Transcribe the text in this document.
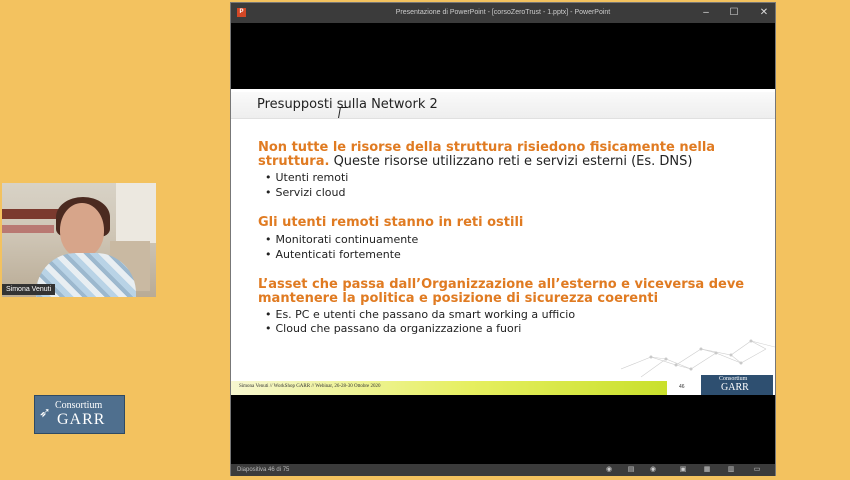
Simona Venuti
➶ Consortium
GARR
P	Presentazione di PowerPoint - [corsoZeroTrust - 1.pptx] - PowerPoint	–	☐ ✕
Presupposti sulla Network 2
Non tutte le risorse della struttura risiedono fisicamente nella struttura. Queste risorse utilizzano reti e servizi esterni (Es. DNS)
• Utenti remoti
• Servizi cloud
Gli utenti remoti stanno in reti ostili
• Monitorati continuamente
• Autenticati fortemente
L’asset che passa dall’Organizzazione all’esterno e viceversa deve mantenere la politica e posizione di sicurezza coerenti
• Es. PC e utenti che passano da smart working a ufficio
• Cloud che passano da organizzazione a fuori
Simona Venuti // WorkShop GARR // Webinar, 26-28-30 Ottobre 2020	46
Consortium
GARR
Diapositiva 46 di 75	◉ ▤ ◉	▣ ▦ ▥	▭
